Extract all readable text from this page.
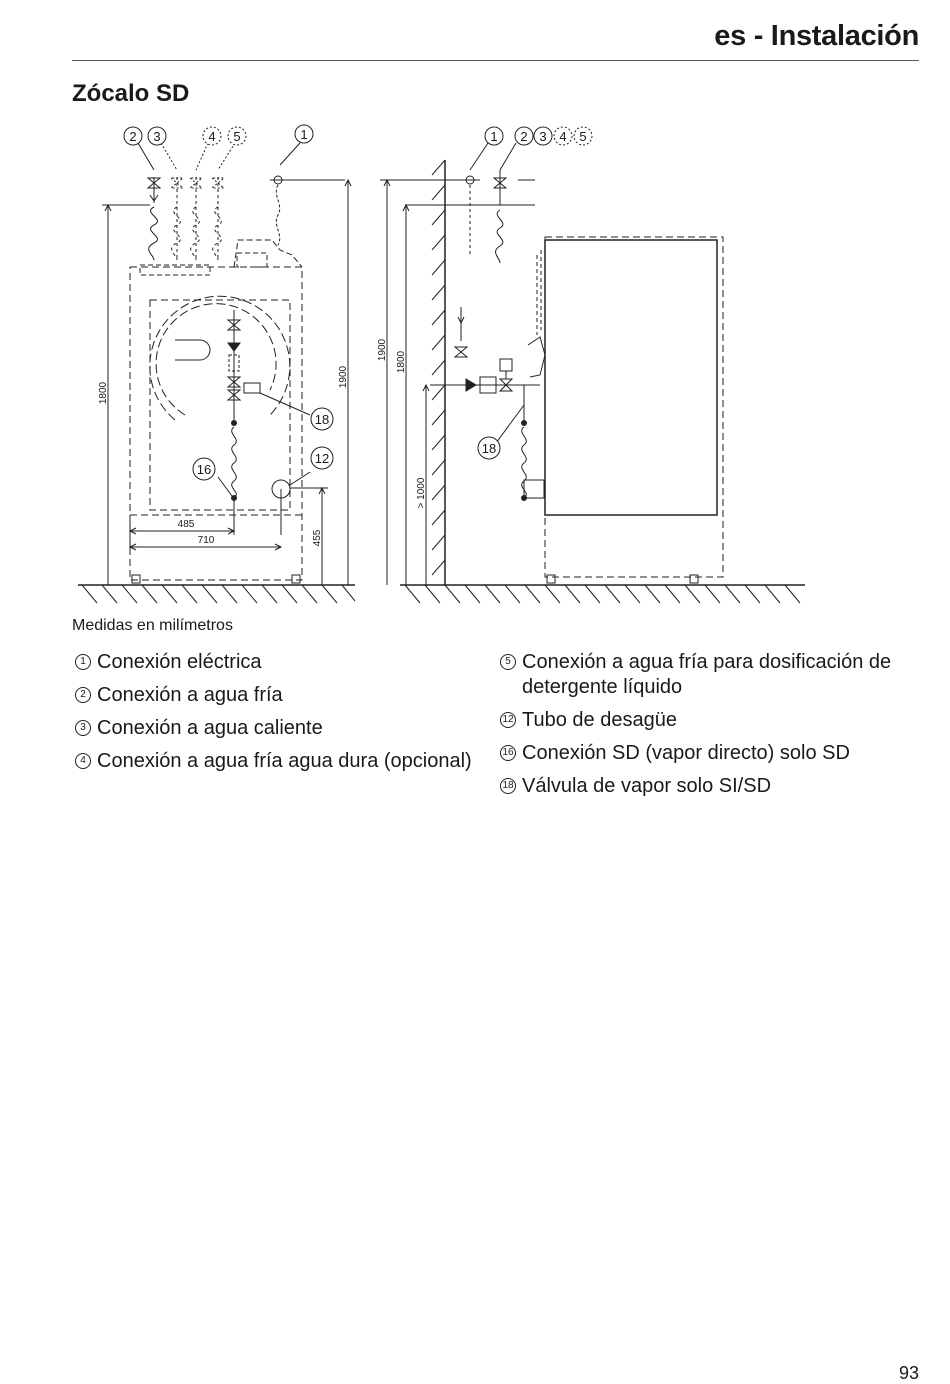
es - Instalación
Zócalo SD
2 3	4 5	1
18
16
12
1 2 3 4 5
18
1800
1900
485
710	455
1900
1800
> 1000
Medidas en milímetros
1 Conexión eléctrica
2 Conexión a agua fría
3 Conexión a agua caliente
4 Conexión a agua fría agua dura (opcional)
5 Conexión a agua fría para dosificación de detergente líquido
12 Tubo de desagüe
16 Conexión SD (vapor directo) solo SD
18 Válvula de vapor solo SI/SD
93
